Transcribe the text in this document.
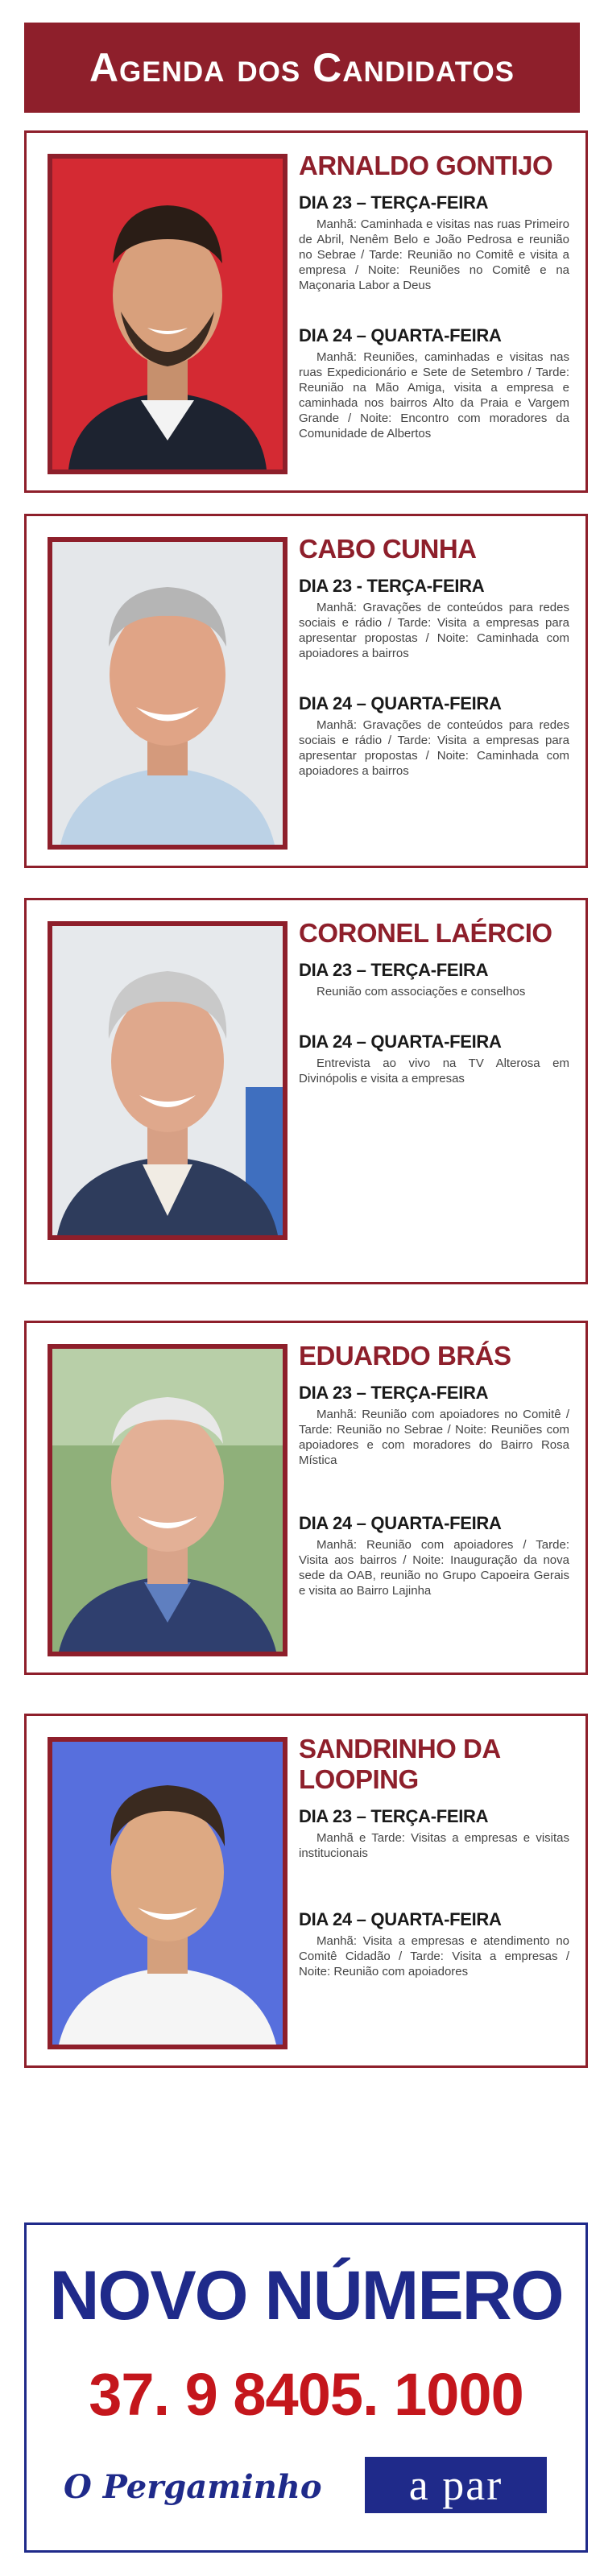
Agenda dos Candidatos
ARNALDO GONTIJO
DIA 23 – TERÇA-FEIRA
Manhã: Caminhada e visitas nas ruas Primeiro de Abril, Nenêm Belo e João Pedrosa e reunião no Sebrae / Tarde: Reunião no Comitê e visita a empresa / Noite: Reuniões no Comitê e na Maçonaria Labor a Deus
DIA 24 – QUARTA-FEIRA
Manhã: Reuniões, caminhadas e visitas nas ruas Expedicionário e Sete de Setembro / Tarde: Reunião na Mão Amiga, visita a empresa e caminhada nos bairros Alto da Praia e Vargem Grande / Noite: Encontro com moradores da Comunidade de Albertos
CABO CUNHA
DIA 23 - TERÇA-FEIRA
Manhã: Gravações de conteúdos para redes sociais e rádio / Tarde: Visita a empresas para apresentar propostas / Noite: Caminhada com apoiadores a bairros
DIA 24 – QUARTA-FEIRA
Manhã: Gravações de conteúdos para redes sociais e rádio / Tarde: Visita a empresas para apresentar propostas / Noite: Caminhada com apoiadores a bairros
CORONEL LAÉRCIO
DIA 23 – TERÇA-FEIRA
Reunião com associações e conselhos
DIA 24 – QUARTA-FEIRA
Entrevista ao vivo na TV Alterosa em Divinópolis e visita a empresas
EDUARDO BRÁS
DIA 23 – TERÇA-FEIRA
Manhã: Reunião com apoiadores no Comitê / Tarde: Reunião no Sebrae / Noite: Reuniões com apoiadores e com moradores do Bairro Rosa Mística
DIA 24 – QUARTA-FEIRA
Manhã: Reunião com apoiadores / Tarde: Visita aos bairros / Noite: Inauguração da nova sede da OAB, reunião no Grupo Capoeira Gerais e visita ao Bairro Lajinha
SANDRINHO DA LOOPING
DIA 23 – TERÇA-FEIRA
Manhã e Tarde: Visitas a empresas e visitas institucionais
DIA 24 – QUARTA-FEIRA
Manhã: Visita a empresas e atendimento no Comitê Cidadão / Tarde: Visita a empresas / Noite: Reunião com apoiadores
NOVO NÚMERO
37. 9 8405. 1000
O Pergaminho	a par
